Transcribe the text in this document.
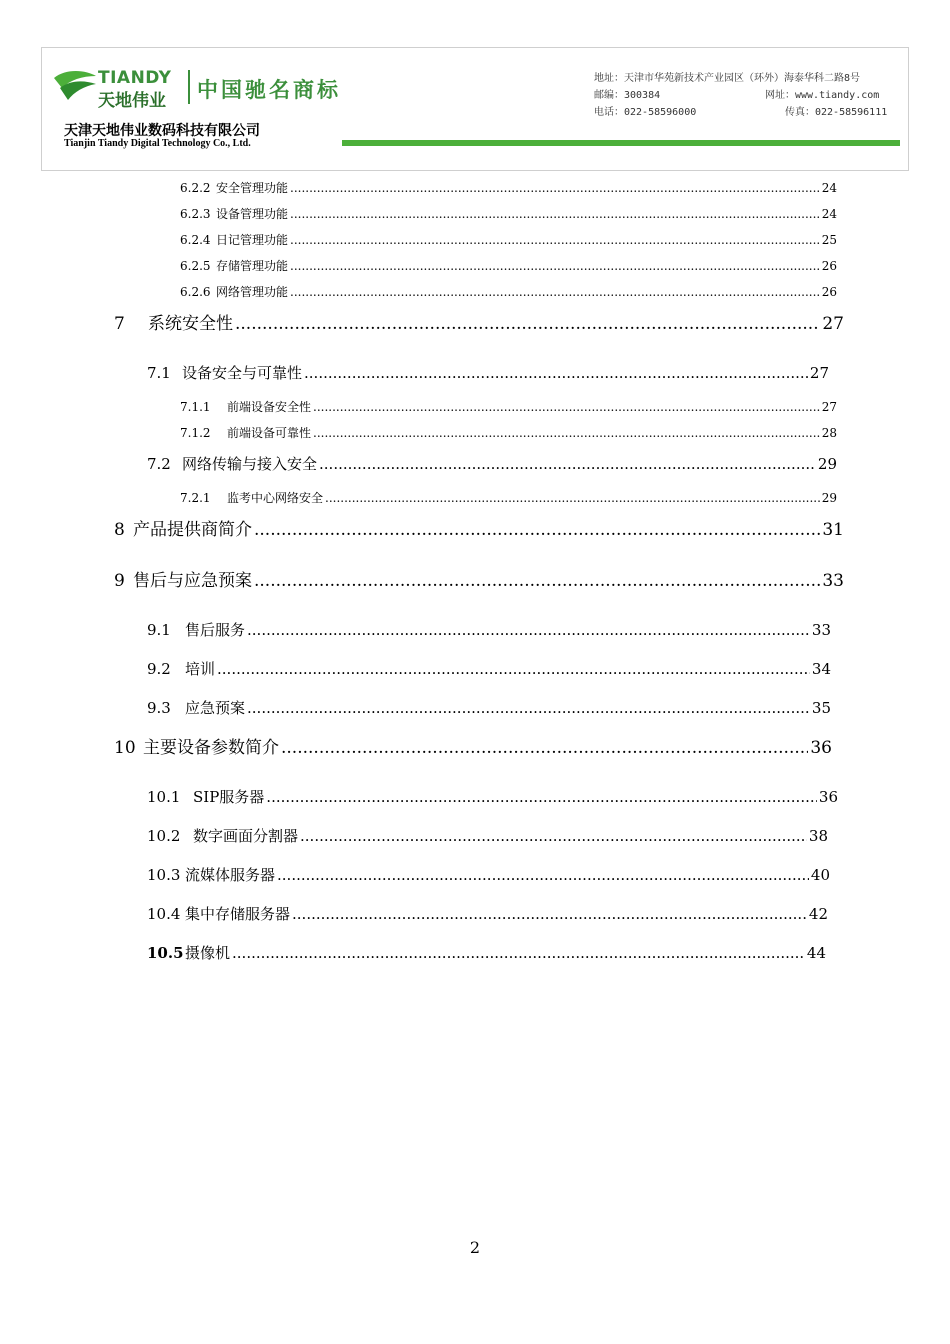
TIANDY
天地伟业 中国驰名商标
天津天地伟业数码科技有限公司
Tianjin Tiandy Digital Technology Co., Ltd.
地址：天津市华苑新技术产业园区（环外）海泰华科二路8号
邮编：300384	网址：www.tiandy.com
电话：022-58596000	传真：022-58596111
6.2.2 安全管理功能 .....	24
6.2.3 设备管理功能 .....	24
6.2.4 日记管理功能 .....	25
6.2.5 存储管理功能 .....	26
6.2.6 网络管理功能 .....	26
7	系统安全性 .....	27
7.1 设备安全与可靠性 .....	27
7.1.1	前端设备安全性 .....	27
7.1.2	前端设备可靠性 .....	28
7.2 网络传输与接入安全 .....	29
7.2.1	监考中心网络安全 .....	29
8 产品提供商简介 .....	31
9 售后与应急预案 .....	33
9.1 售后服务 .....	33
9.2 培训 .....	34
9.3 应急预案 .....	35
10 主要设备参数简介 .....	36
10.1 SIP服务器 .....	36
10.2 数字画面分割器 .....	38
10.3 流媒体服务器 .....	40
10.4 集中存储服务器 .....	42
10.5 摄像机 .....	44
2
